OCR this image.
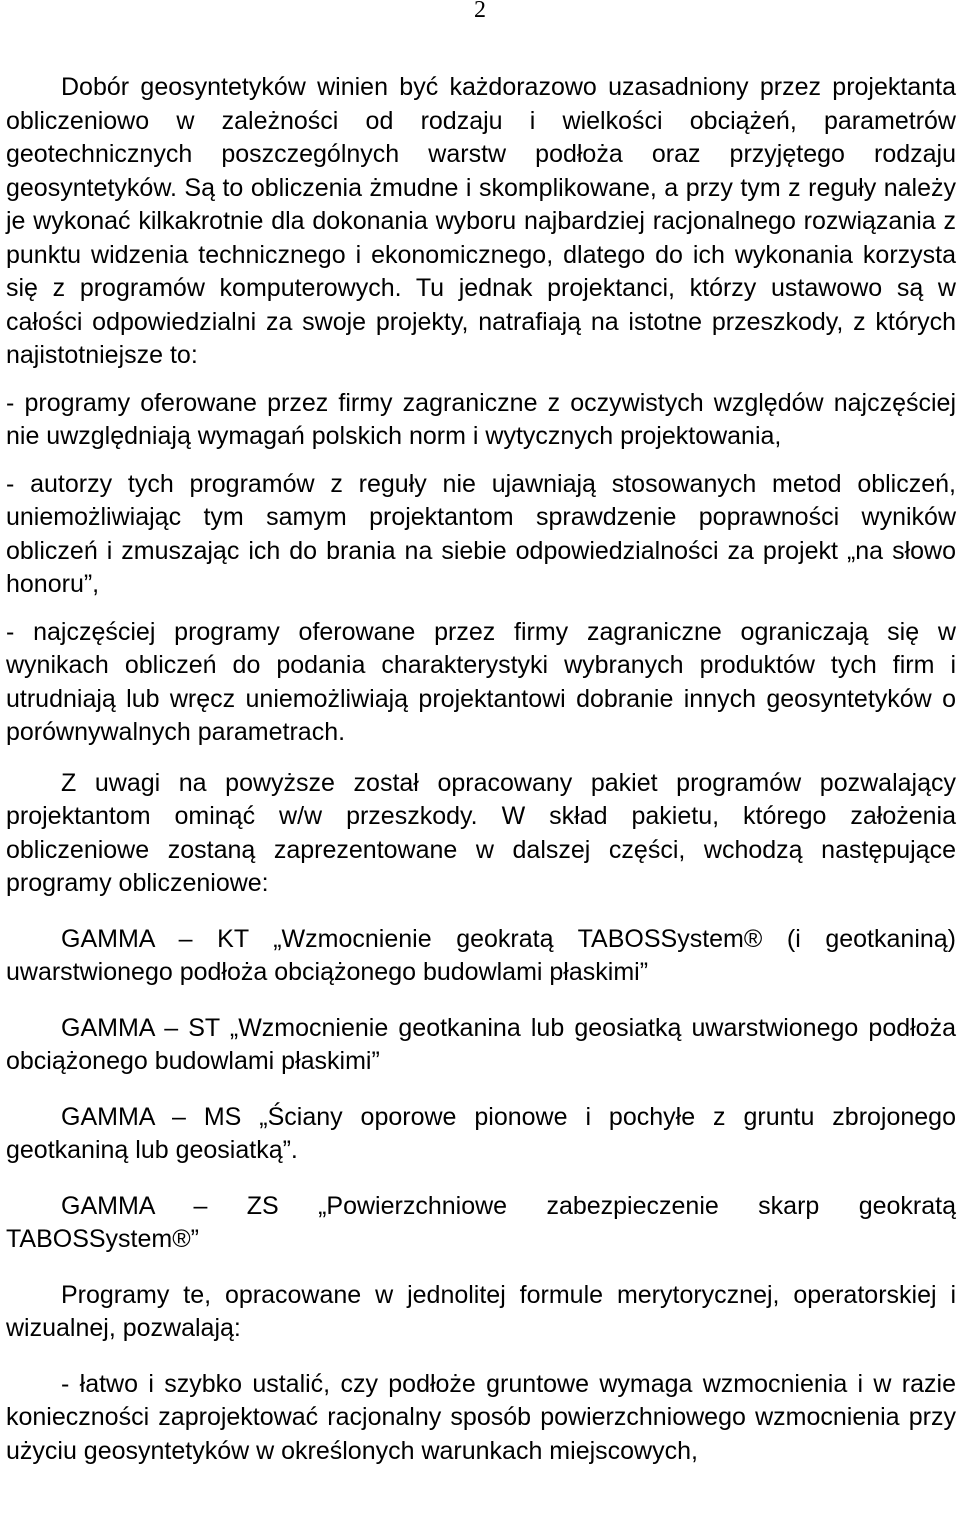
2

Dobór geosyntetyków winien być każdorazowo uzasadniony przez projektanta obliczeniowo w zależności od rodzaju i wielkości obciążeń, parametrów geotechnicznych poszczególnych warstw podłoża oraz przyjętego rodzaju geosyntetyków. Są to obliczenia żmudne i skomplikowane, a przy tym z reguły należy je wykonać kilkakrotnie dla dokonania wyboru najbardziej racjonalnego rozwiązania z punktu widzenia technicznego i ekonomicznego, dlatego do ich wykonania korzysta się z programów komputerowych. Tu jednak projektanci, którzy ustawowo są w całości odpowiedzialni za swoje projekty, natrafiają na istotne przeszkody, z których najistotniejsze to:

- programy oferowane przez firmy zagraniczne z oczywistych względów najczęściej nie uwzględniają wymagań polskich norm i wytycznych projektowania,

- autorzy tych programów z reguły nie ujawniają stosowanych metod obliczeń, uniemożliwiając tym samym projektantom sprawdzenie poprawności wyników obliczeń i zmuszając ich do brania na siebie odpowiedzialności za projekt „na słowo honoru”,

- najczęściej programy oferowane przez firmy zagraniczne ograniczają się w wynikach obliczeń do podania charakterystyki wybranych produktów tych firm i utrudniają lub wręcz uniemożliwiają projektantowi dobranie innych geosyntetyków o porównywalnych parametrach.

Z uwagi na powyższe został opracowany pakiet programów pozwalający projektantom ominąć w/w przeszkody. W skład pakietu, którego założenia obliczeniowe zostaną zaprezentowane w dalszej części, wchodzą następujące programy obliczeniowe:

GAMMA – KT „Wzmocnienie geokratą TABOSSystem® (i geotkaniną) uwarstwionego podłoża obciążonego budowlami płaskimi”

GAMMA – ST „Wzmocnienie geotkanina lub geosiatką uwarstwionego podłoża obciążonego budowlami płaskimi”

GAMMA – MS „Ściany oporowe pionowe i pochyłe z gruntu zbrojonego geotkaniną lub geosiatką”.

GAMMA – ZS „Powierzchniowe zabezpieczenie skarp geokratą TABOSSystem®”

Programy te, opracowane w jednolitej formule merytorycznej, operatorskiej i wizualnej, pozwalają:

- łatwo i szybko ustalić, czy podłoże gruntowe wymaga wzmocnienia i w razie konieczności zaprojektować racjonalny sposób powierzchniowego wzmocnienia przy użyciu geosyntetyków w określonych warunkach miejscowych,
